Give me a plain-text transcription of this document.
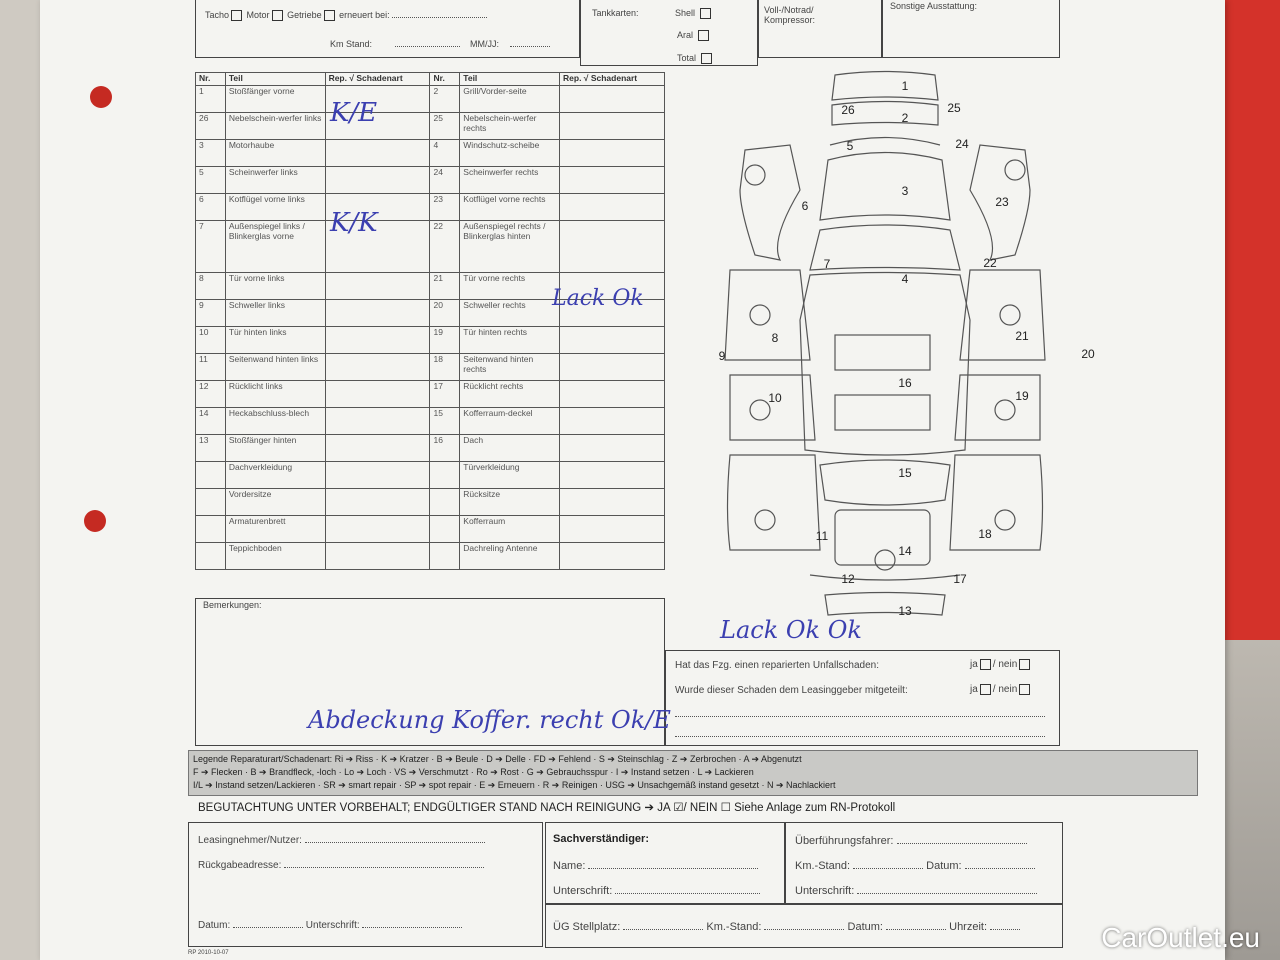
Tacho Motor Getriebe erneuert bei:
Km Stand:	MM/JJ:
Tankkarten:	Shell
Aral
Total
Voll-/Notrad/ Kompressor:
Sonstige Ausstattung:
Nr.	Teil	Rep. √ Schadenart	Nr.	Teil	Rep. √ Schadenart
1	Stoßfänger vorne		2	Grill/Vorder-seite	
26	Nebelschein-werfer links		25	Nebelschein-werfer rechts	
3	Motorhaube		4	Windschutz-scheibe	
5	Scheinwerfer links		24	Scheinwerfer rechts	
6	Kotflügel vorne links		23	Kotflügel vorne rechts	
7	Außenspiegel links / Blinkerglas vorne		22	Außenspiegel rechts / Blinkerglas hinten	
8	Tür vorne links		21	Tür vorne rechts	
9	Schweller links		20	Schweller rechts	
10	Tür hinten links		19	Tür hinten rechts	
11	Seitenwand hinten links		18	Seitenwand hinten rechts	
12	Rücklicht links		17	Rücklicht rechts	
14	Heckabschluss-blech		15	Kofferraum-deckel	
13	Stoßfänger hinten		16	Dach	
	Dachverkleidung			Türverkleidung	
	Vordersitze			Rücksitze	
	Armaturenbrett			Kofferraum	
	Teppichboden			Dachreling Antenne	
K/E
K/K
Lack Ok
Bemerkungen:
Hat das Fzg. einen reparierten Unfallschaden:	ja / nein
Wurde dieser Schaden dem Leasinggeber mitgeteilt:	ja / nein
Abdeckung Koffer. recht Ok/E
Lack Ok Ok
1
2
3
4
5
6
7
8
9
10
11
12
13
14
15
16
17
18
19
20
21
22
23
24
25
26
Legende Reparaturart/Schadenart: Ri ➔ Riss · K ➔ Kratzer · B ➔ Beule · D ➔ Delle · FD ➔ Fehlend · S ➔ Steinschlag · Z ➔ Zerbrochen · A ➔ Abgenutzt
F ➔ Flecken · B ➔ Brandfleck, -loch · Lo ➔ Loch · VS ➔ Verschmutzt · Ro ➔ Rost · G ➔ Gebrauchsspur · I ➔ Instand setzen · L ➔ Lackieren
I/L ➔ Instand setzen/Lackieren · SR ➔ smart repair · SP ➔ spot repair · E ➔ Erneuern · R ➔ Reinigen · USG ➔ Unsachgemäß instand gesetzt · N ➔ Nachlackiert
BEGUTACHTUNG UNTER VORBEHALT; ENDGÜLTIGER STAND NACH REINIGUNG ➔ JA ☑/ NEIN ☐ Siehe Anlage zum RN-Protokoll
Leasingnehmer/Nutzer:
Rückgabeadresse:
Datum:	Unterschrift:
Sachverständiger:
Name:
Unterschrift:
Überführungsfahrer:
Km.-Stand:	Datum:
Unterschrift:
ÜG Stellplatz:	Km.-Stand:	Datum:	Uhrzeit:
RP 2010-10-07	CarOutlet.eu
